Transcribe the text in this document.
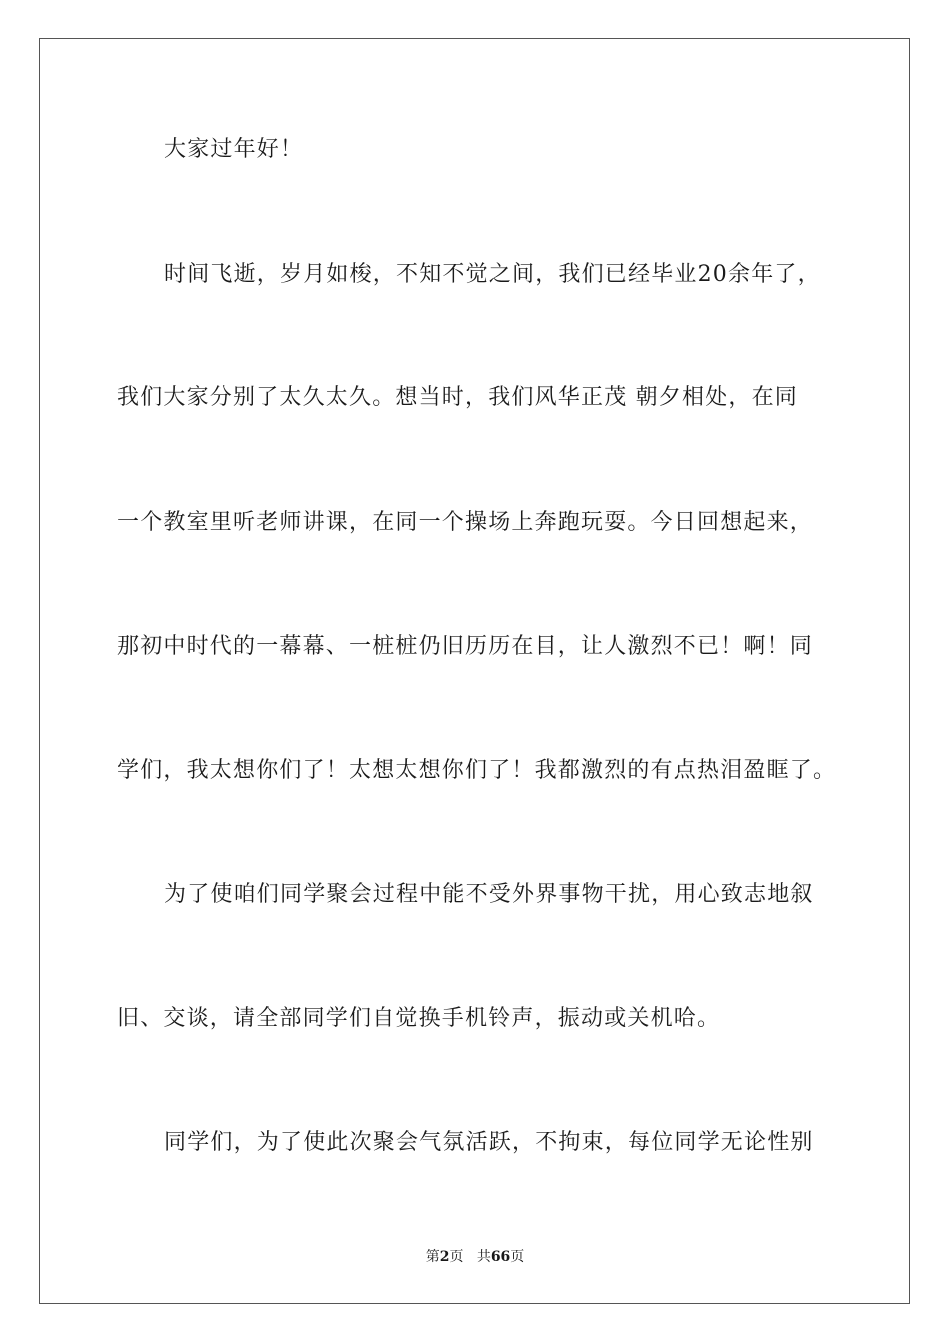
大家过年好！
时间飞逝，岁月如梭，不知不觉之间，我们已经毕业20余年了，
我们大家分别了太久太久。想当时，我们风华正茂 朝夕相处，在同
一个教室里听老师讲课，在同一个操场上奔跑玩耍。今日回想起来，
那初中时代的一幕幕、一桩桩仍旧历历在目，让人激烈不已！啊！同
学们，我太想你们了！太想太想你们了！我都激烈的有点热泪盈眶了。
为了使咱们同学聚会过程中能不受外界事物干扰，用心致志地叙
旧、交谈，请全部同学们自觉换手机铃声，振动或关机哈。
同学们，为了使此次聚会气氛活跃，不拘束，每位同学无论性别
第2页 共66页
